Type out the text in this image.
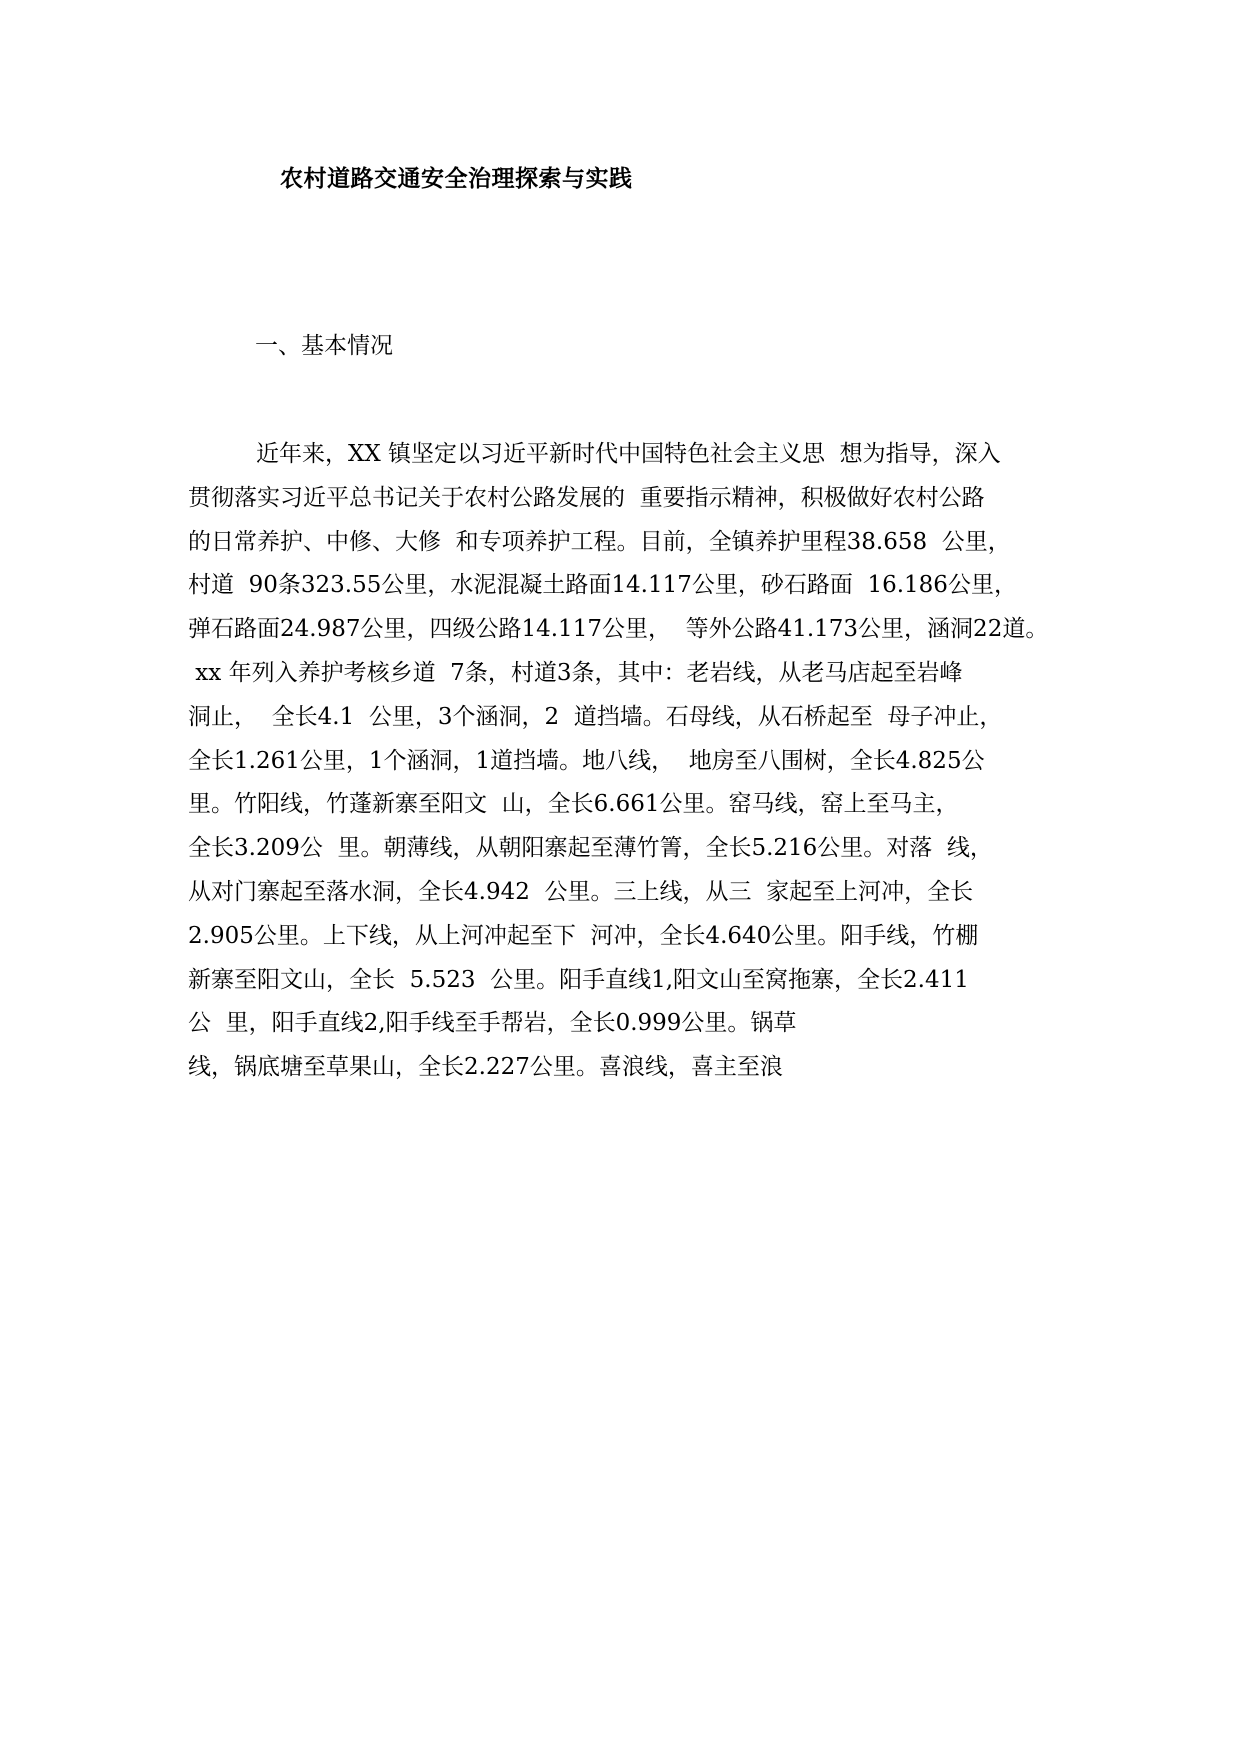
农村道路交通安全治理探索与实践
一、基本情况
近年来，XX 镇坚定以习近平新时代中国特色社会主义思  想为指导，深入
贯彻落实习近平总书记关于农村公路发展的  重要指示精神，积极做好农村公路
的日常养护、中修、大修  和专项养护工程。目前，全镇养护里程38.658  公里，
村道  90条323.55公里，水泥混凝土路面14.117公里，砂石路面  16.186公里，
弹石路面24.987公里，四级公路14.117公里，  等外公路41.173公里，涵洞22道。
xx 年列入养护考核乡道  7条，村道3条，其中：老岩线，从老马店起至岩峰
洞止，  全长4.1  公里，3个涵洞，2  道挡墙。石母线，从石桥起至  母子冲止，
全长1.261公里，1个涵洞，1道挡墙。地八线，  地房至八围树，全长4.825公
里。竹阳线，竹蓬新寨至阳文  山，全长6.661公里。窑马线，窑上至马主，
全长3.209公  里。朝薄线，从朝阳寨起至薄竹箐，全长5.216公里。对落  线，
从对门寨起至落水洞，全长4.942  公里。三上线，从三  家起至上河冲，全长
2.905公里。上下线，从上河冲起至下  河冲，全长4.640公里。阳手线，竹棚
新寨至阳文山，全长  5.523  公里。阳手直线1,阳文山至窝拖寨，全长2.411
公  里，阳手直线2,阳手线至手帮岩，全长0.999公里。锅草
线，锅底塘至草果山，全长2.227公里。喜浪线，喜主至浪
